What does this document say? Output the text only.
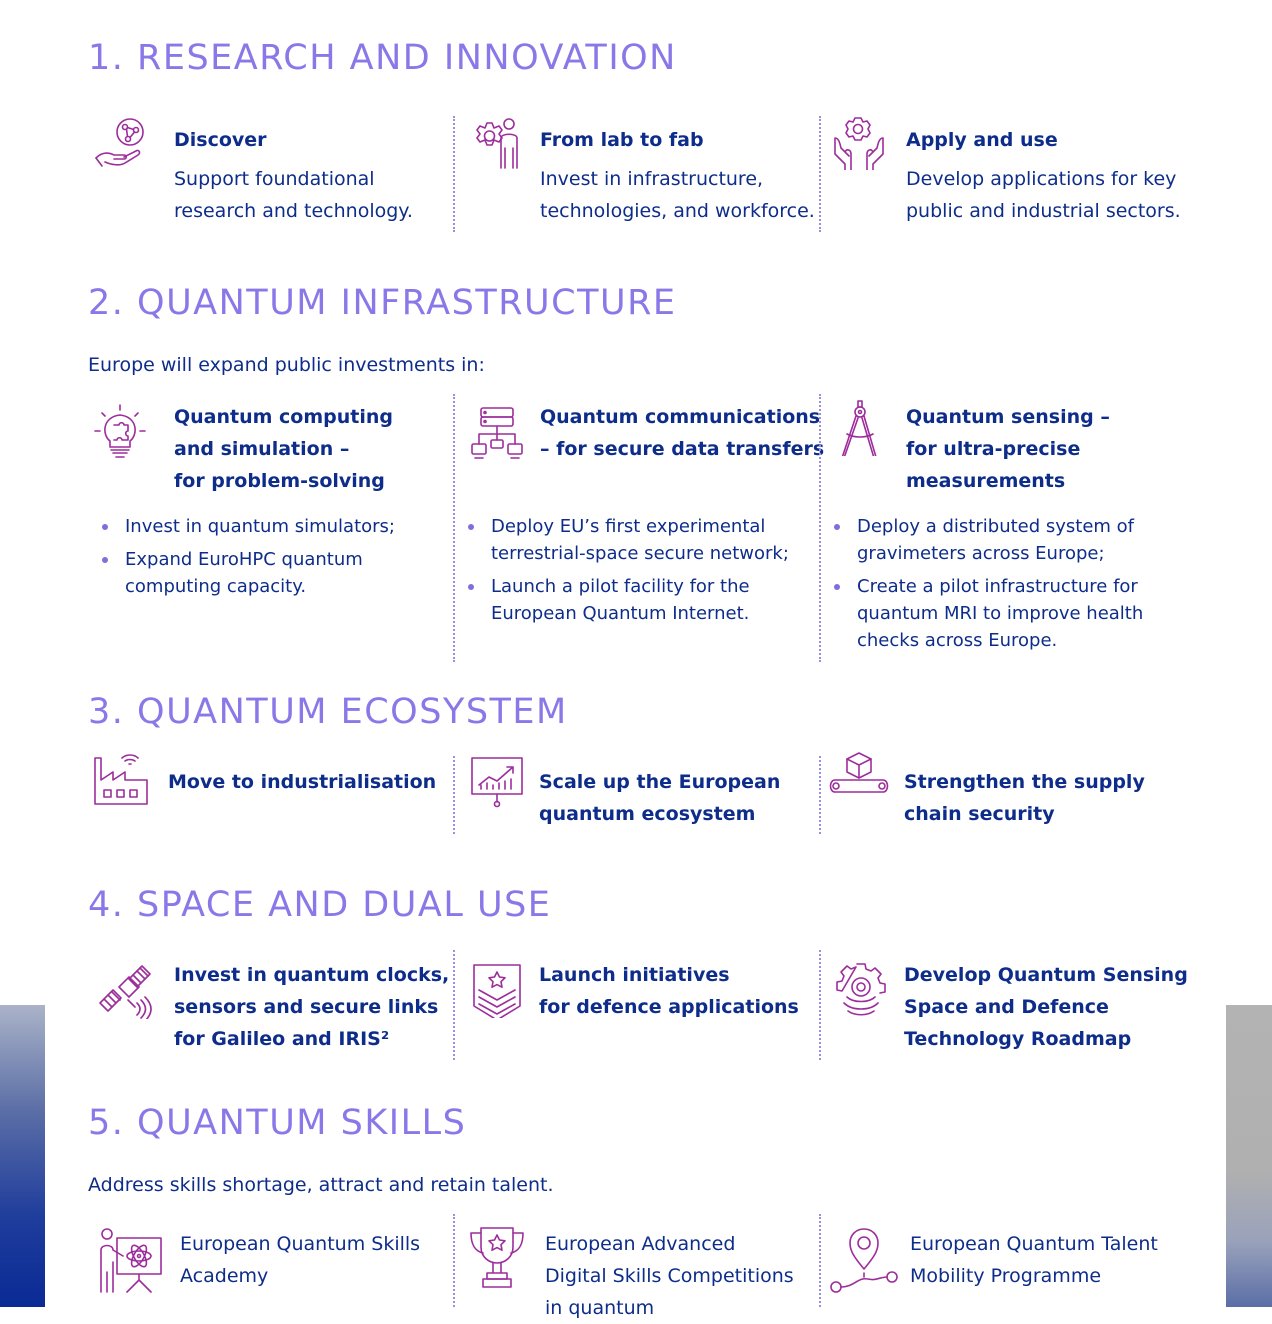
1. RESEARCH AND INNOVATION

Discover

Support foundational
research and technology.

From lab to fab

Invest in infrastructure,
technologies, and workforce.

Apply and use

Develop applications for key
public and industrial sectors.

2. QUANTUM INFRASTRUCTURE

Europe will expand public investments in:

Quantum computing
and simulation –
for problem-solving

Invest in quantum simulators;
Expand EuroHPC quantum
computing capacity.

Quantum communications
– for secure data transfers

Deploy EU’s first experimental
terrestrial-space secure network;
Launch a pilot facility for the
European Quantum Internet.

Quantum sensing –
for ultra-precise
measurements

Deploy a distributed system of
gravimeters across Europe;
Create a pilot infrastructure for
quantum MRI to improve health
checks across Europe.
3. QUANTUM ECOSYSTEM

Move to industrialisation	Scale up the European
quantum ecosystem

Strengthen the supply
chain security

4. SPACE AND DUAL USE

Invest in quantum clocks,
sensors and secure links
for Galileo and IRIS²

Launch initiatives
for defence applications

Develop Quantum Sensing
Space and Defence
Technology Roadmap

5. QUANTUM SKILLS

Address skills shortage, attract and retain talent.

European Quantum Skills
Academy

European Advanced
Digital Skills Competitions
in quantum

European Quantum Talent
Mobility Programme
